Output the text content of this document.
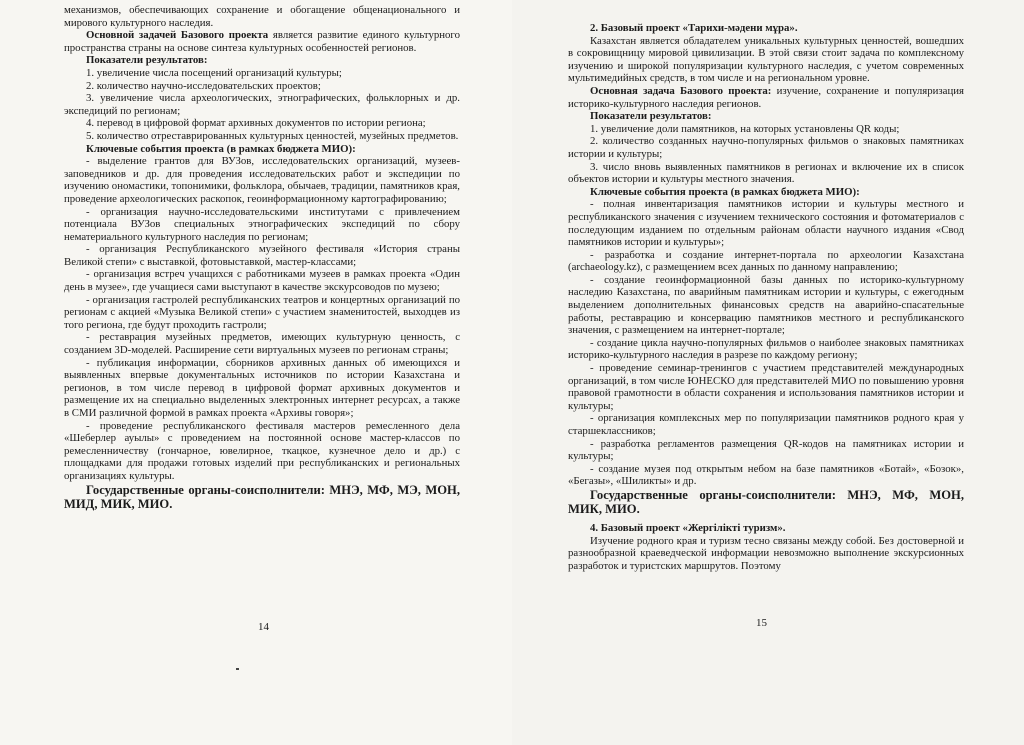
механизмов, обеспечивающих сохранение и обогащение общенационального и мирового культурного наследия.

Основной задачей Базового проекта является развитие единого культурного пространства страны на основе синтеза культурных особенностей регионов.

Показатели результатов:

1. увеличение числа посещений организаций культуры;

2. количество научно-исследовательских проектов;

3. увеличение числа археологических, этнографических, фольклорных и др. экспедиций по регионам;

4. перевод в цифровой формат архивных документов по истории региона;

5. количество отреставрированных культурных ценностей, музейных предметов.

Ключевые события проекта (в рамках бюджета МИО):

- выделение грантов для ВУЗов, исследовательских организаций, музеев-заповедников и др. для проведения исследовательских работ и экспедиции по изучению ономастики, топонимики, фольклора, обычаев, традиции, памятников края, проведение археологических раскопок, геоинформационному картографированию;

- организация научно-исследовательскими институтами с привлечением потенциала ВУЗов специальных этнографических экспедиций по сбору нематериального культурного наследия по регионам;

- организация Республиканского музейного фестиваля «История страны Великой степи» с выставкой, фотовыставкой, мастер-классами;

- организация встреч учащихся с работниками музеев в рамках проекта «Один день в музее», где учащиеся сами выступают в качестве экскурсоводов по музею;

- организация гастролей республиканских театров и концертных организаций по регионам с акцией «Музыка Великой степи» с участием знаменитостей, выходцев из того региона, где будут проходить гастроли;

- реставрация музейных предметов, имеющих культурную ценность, с созданием 3D-моделей. Расширение сети виртуальных музеев по регионам страны;

- публикация информации, сборников архивных данных об имеющихся и выявленных впервые документальных источников по истории Казахстана и регионов, в том числе перевод в цифровой формат архивных документов и размещение их на специально выделенных электронных интернет ресурсах, а также в СМИ различной формой в рамках проекта «Архивы говоря»;

- проведение республиканского фестиваля мастеров ремесленного дела «Шеберлер ауылы» с проведением на постоянной основе мастер-классов по ремесленничеству (гончарное, ювелирное, ткацкое, кузнечное дело и др.) с площадками для продажи готовых изделий при республиканских и региональных организациях культуры.

Государственные органы-соисполнители: МНЭ, МФ, МЭ, МОН, МИД, МИК, МИО.

14

2. Базовый проект «Тарихи-мәдени мұра».

Казахстан является обладателем уникальных культурных ценностей, вошедших в сокровищницу мировой цивилизации. В этой связи стоит задача по комплексному изучению и широкой популяризации культурного наследия, с учетом современных мультимедийных средств, в том числе и на региональном уровне.

Основная задача Базового проекта: изучение, сохранение и популяризация историко-культурного наследия регионов.

Показатели результатов:

1. увеличение доли памятников, на которых установлены QR коды;

2. количество созданных научно-популярных фильмов о знаковых памятниках истории и культуры;

3. число вновь выявленных памятников в регионах и включение их в список объектов истории и культуры местного значения.

Ключевые события проекта (в рамках бюджета МИО):

- полная инвентаризация памятников истории и культуры местного и республиканского значения с изучением технического состояния и фотоматериалов с последующим изданием по отдельным районам области научного издания «Свод памятников истории и культуры»;

- разработка и создание интернет-портала по археологии Казахстана (archaeology.kz), с размещением всех данных по данному направлению;

- создание геоинформационной базы данных по историко-культурному наследию Казахстана, по аварийным памятникам истории и культуры, с ежегодным выделением дополнительных финансовых средств на аварийно-спасательные работы, реставрацию и консервацию памятников местного и республиканского значения, с размещением на интернет-портале;

- создание цикла научно-популярных фильмов о наиболее знаковых памятниках историко-культурного наследия в разрезе по каждому региону;

- проведение семинар-тренингов с участием представителей международных организаций, в том числе ЮНЕСКО для представителей МИО по повышению уровня правовой грамотности в области сохранения и использования памятников истории и культуры;

- организация комплексных мер по популяризации памятников родного края у старшеклассников;

- разработка регламентов размещения QR-кодов на памятниках истории и культуры;

- создание музея под открытым небом на базе памятников «Ботай», «Бозок», «Бегазы», «Шиликты» и др.

Государственные органы-соисполнители: МНЭ, МФ, МОН, МИК, МИО.

4. Базовый проект «Жергілікті туризм».

Изучение родного края и туризм тесно связаны между собой. Без достоверной и разнообразной краеведческой информации невозможно выполнение экскурсионных разработок и туристских маршрутов. Поэтому

15
